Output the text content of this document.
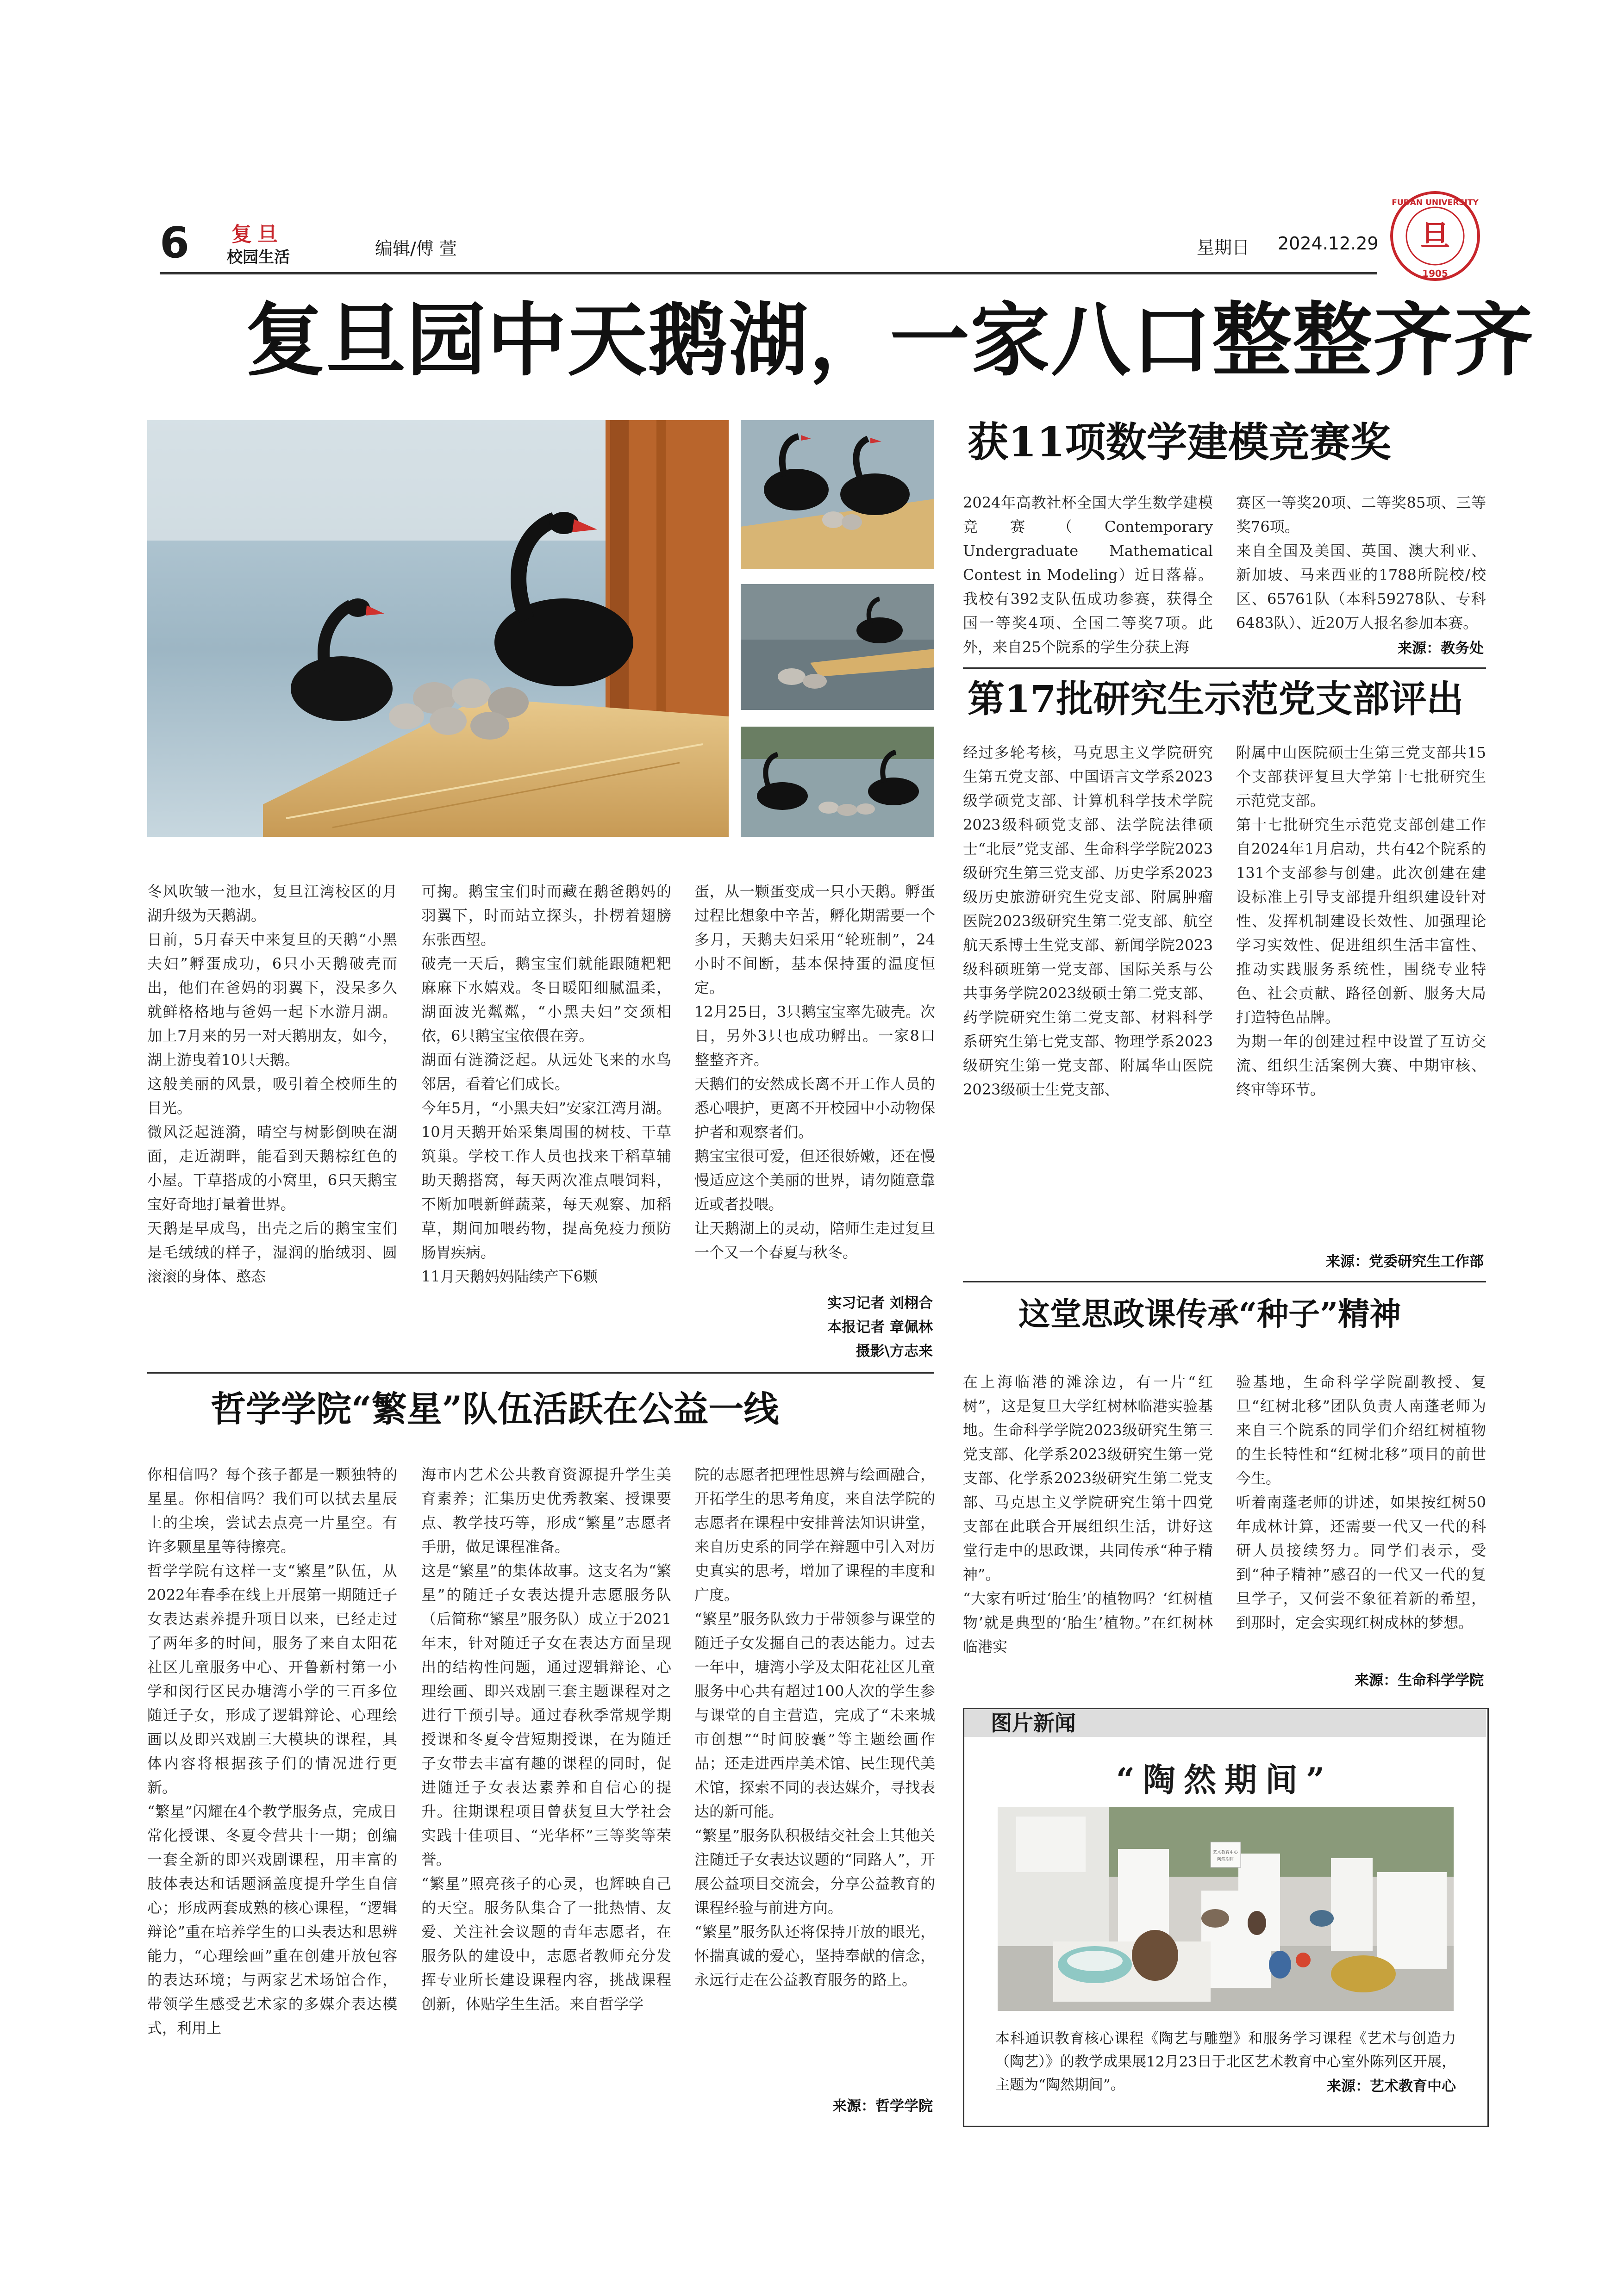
6 复旦
校园生活	编辑/傅 萱	星期日 2024.12.29 旦
FUDAN UNIVERSITY
1905
复旦园中天鹅湖，一家八口整整齐齐
冬风吹皱一池水，复旦江湾校区的月湖升级为天鹅湖。
日前，5月春天中来复旦的天鹅“小黑夫妇”孵蛋成功，6只小天鹅破壳而出，他们在爸妈的羽翼下，没呆多久就鲜格格地与爸妈一起下水游月湖。加上7月来的另一对天鹅朋友，如今，湖上游曳着10只天鹅。
这般美丽的风景，吸引着全校师生的目光。
微风泛起涟漪，晴空与树影倒映在湖面，走近湖畔，能看到天鹅棕红色的小屋。干草搭成的小窝里，6只天鹅宝宝好奇地打量着世界。
天鹅是早成鸟，出壳之后的鹅宝宝们是毛绒绒的样子，湿润的胎绒羽、圆滚滚的身体、憨态
可掬。鹅宝宝们时而藏在鹅爸鹅妈的羽翼下，时而站立探头，扑楞着翅膀东张西望。
破壳一天后，鹅宝宝们就能跟随粑粑麻麻下水嬉戏。冬日暖阳细腻温柔，湖面波光粼粼，“小黑夫妇”交颈相依，6只鹅宝宝依偎在旁。
湖面有涟漪泛起。从远处飞来的水鸟邻居，看着它们成长。
今年5月，“小黑夫妇”安家江湾月湖。10月天鹅开始采集周围的树枝、干草筑巢。学校工作人员也找来干稻草辅助天鹅搭窝，每天两次准点喂饲料，不断加喂新鲜蔬菜，每天观察、加稻草，期间加喂药物，提高免疫力预防肠胃疾病。
11月天鹅妈妈陆续产下6颗
蛋，从一颗蛋变成一只小天鹅。孵蛋过程比想象中辛苦，孵化期需要一个多月，天鹅夫妇采用“轮班制”，24小时不间断，基本保持蛋的温度恒定。
12月25日，3只鹅宝宝率先破壳。次日，另外3只也成功孵出。一家8口整整齐齐。
天鹅们的安然成长离不开工作人员的悉心喂护，更离不开校园中小动物保护者和观察者们。
鹅宝宝很可爱，但还很娇嫩，还在慢慢适应这个美丽的世界，请勿随意靠近或者投喂。
让天鹅湖上的灵动，陪师生走过复旦一个又一个春夏与秋冬。
实习记者 刘栩合
本报记者 章佩林
摄影\方志来
获11项数学建模竞赛奖
2024年高教社杯全国大学生数学建模竞赛（Contemporary Undergraduate Mathematical Contest in Modeling）近日落幕。我校有392支队伍成功参赛，获得全国一等奖4项、全国二等奖7项。此外，来自25个院系的学生分获上海
赛区一等奖20项、二等奖85项、三等奖76项。
来自全国及美国、英国、澳大利亚、新加坡、马来西亚的1788所院校/校区、65761队（本科59278队、专科6483队）、近20万人报名参加本赛。
来源：教务处
第17批研究生示范党支部评出
经过多轮考核，马克思主义学院研究生第五党支部、中国语言文学系2023级学硕党支部、计算机科学技术学院2023级科硕党支部、法学院法律硕士“北辰”党支部、生命科学学院2023级研究生第三党支部、历史学系2023级历史旅游研究生党支部、附属肿瘤医院2023级研究生第二党支部、航空航天系博士生党支部、新闻学院2023级科硕班第一党支部、国际关系与公共事务学院2023级硕士第二党支部、药学院研究生第二党支部、材料科学系研究生第七党支部、物理学系2023级研究生第一党支部、附属华山医院2023级硕士生党支部、
附属中山医院硕士生第三党支部共15个支部获评复旦大学第十七批研究生示范党支部。
第十七批研究生示范党支部创建工作自2024年1月启动，共有42个院系的131个支部参与创建。此次创建在建设标准上引导支部提升组织建设针对性、发挥机制建设长效性、加强理论学习实效性、促进组织生活丰富性、推动实践服务系统性，围绕专业特色、社会贡献、路径创新、服务大局打造特色品牌。
为期一年的创建过程中设置了互访交流、组织生活案例大赛、中期审核、终审等环节。
来源：党委研究生工作部
这堂思政课传承“种子”精神
在上海临港的滩涂边，有一片“红树”，这是复旦大学红树林临港实验基地。生命科学学院2023级研究生第三党支部、化学系2023级研究生第一党支部、化学系2023级研究生第二党支部、马克思主义学院研究生第十四党支部在此联合开展组织生活，讲好这堂行走中的思政课，共同传承“种子精神”。
“大家有听过‘胎生’的植物吗？‘红树植物’就是典型的‘胎生’植物。”在红树林临港实
验基地，生命科学学院副教授、复旦“红树北移”团队负责人南蓬老师为来自三个院系的同学们介绍红树植物的生长特性和“红树北移”项目的前世今生。
听着南蓬老师的讲述，如果按红树50年成林计算，还需要一代又一代的科研人员接续努力。同学们表示，受到“种子精神”感召的一代又一代的复旦学子，又何尝不象征着新的希望，到那时，定会实现红树成林的梦想。
来源：生命科学学院
哲学学院“繁星”队伍活跃在公益一线
你相信吗？每个孩子都是一颗独特的星星。你相信吗？我们可以拭去星辰上的尘埃，尝试去点亮一片星空。有许多颗星星等待擦亮。
哲学学院有这样一支“繁星”队伍，从2022年春季在线上开展第一期随迁子女表达素养提升项目以来，已经走过了两年多的时间，服务了来自太阳花社区儿童服务中心、开鲁新村第一小学和闵行区民办塘湾小学的三百多位随迁子女，形成了逻辑辩论、心理绘画以及即兴戏剧三大模块的课程，具体内容将根据孩子们的情况进行更新。
“繁星”闪耀在4个教学服务点，完成日常化授课、冬夏令营共十一期；创编一套全新的即兴戏剧课程，用丰富的肢体表达和话题涵盖度提升学生自信心；形成两套成熟的核心课程，“逻辑辩论”重在培养学生的口头表达和思辨能力，“心理绘画”重在创建开放包容的表达环境；与两家艺术场馆合作，带领学生感受艺术家的多媒介表达模式，利用上
海市内艺术公共教育资源提升学生美育素养；汇集历史优秀教案、授课要点、教学技巧等，形成“繁星”志愿者手册，做足课程准备。
这是“繁星”的集体故事。这支名为“繁星”的随迁子女表达提升志愿服务队（后简称“繁星”服务队）成立于2021年末，针对随迁子女在表达方面呈现出的结构性问题，通过逻辑辩论、心理绘画、即兴戏剧三套主题课程对之进行干预引导。通过春秋季常规学期授课和冬夏令营短期授课，在为随迁子女带去丰富有趣的课程的同时，促进随迁子女表达素养和自信心的提升。往期课程项目曾获复旦大学社会实践十佳项目、“光华杯”三等奖等荣誉。
“繁星”照亮孩子的心灵，也辉映自己的天空。服务队集合了一批热情、友爱、关注社会议题的青年志愿者，在服务队的建设中，志愿者教师充分发挥专业所长建设课程内容，挑战课程创新，体贴学生生活。来自哲学学
院的志愿者把理性思辨与绘画融合，开拓学生的思考角度，来自法学院的志愿者在课程中安排普法知识讲堂，来自历史系的同学在辩题中引入对历史真实的思考，增加了课程的丰度和广度。
“繁星”服务队致力于带领参与课堂的随迁子女发掘自己的表达能力。过去一年中，塘湾小学及太阳花社区儿童服务中心共有超过100人次的学生参与课堂的自主营造，完成了“未来城市创想”“时间胶囊”等主题绘画作品；还走进西岸美术馆、民生现代美术馆，探索不同的表达媒介，寻找表达的新可能。
“繁星”服务队积极结交社会上其他关注随迁子女表达议题的“同路人”，开展公益项目交流会，分享公益教育的课程经验与前进方向。
“繁星”服务队还将保持开放的眼光，怀揣真诚的爱心，坚持奉献的信念，永远行走在公益教育服务的路上。
来源：哲学学院
图片新闻
“陶然期间”
艺术教育中心
陶然期间
本科通识教育核心课程《陶艺与雕塑》和服务学习课程《艺术与创造力（陶艺）》的教学成果展12月23日于北区艺术教育中心室外陈列区开展，主题为“陶然期间”。	来源：艺术教育中心
